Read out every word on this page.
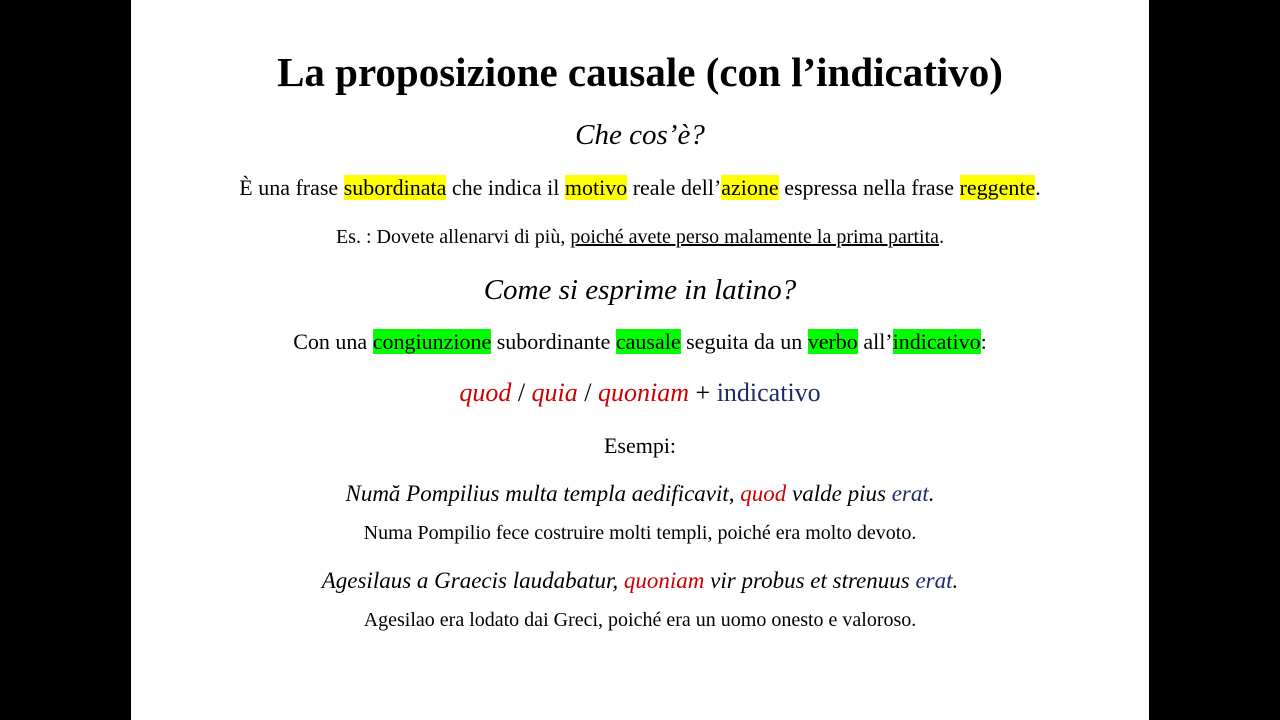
La proposizione causale (con l’indicativo)
Che cos’è?
È una frase subordinata che indica il motivo reale dell’azione espressa nella frase reggente.
Es. : Dovete allenarvi di più, poiché avete perso malamente la prima partita.
Come si esprime in latino?
Con una congiunzione subordinante causale seguita da un verbo all’indicativo:
quod / quia / quoniam + indicativo
Esempi:
Numă Pompilius multa templa aedificavit, quod valde pius erat.
Numa Pompilio fece costruire molti templi, poiché era molto devoto.
Agesilaus a Graecis laudabatur, quoniam vir probus et strenuus erat.
Agesilao era lodato dai Greci, poiché era un uomo onesto e valoroso.
